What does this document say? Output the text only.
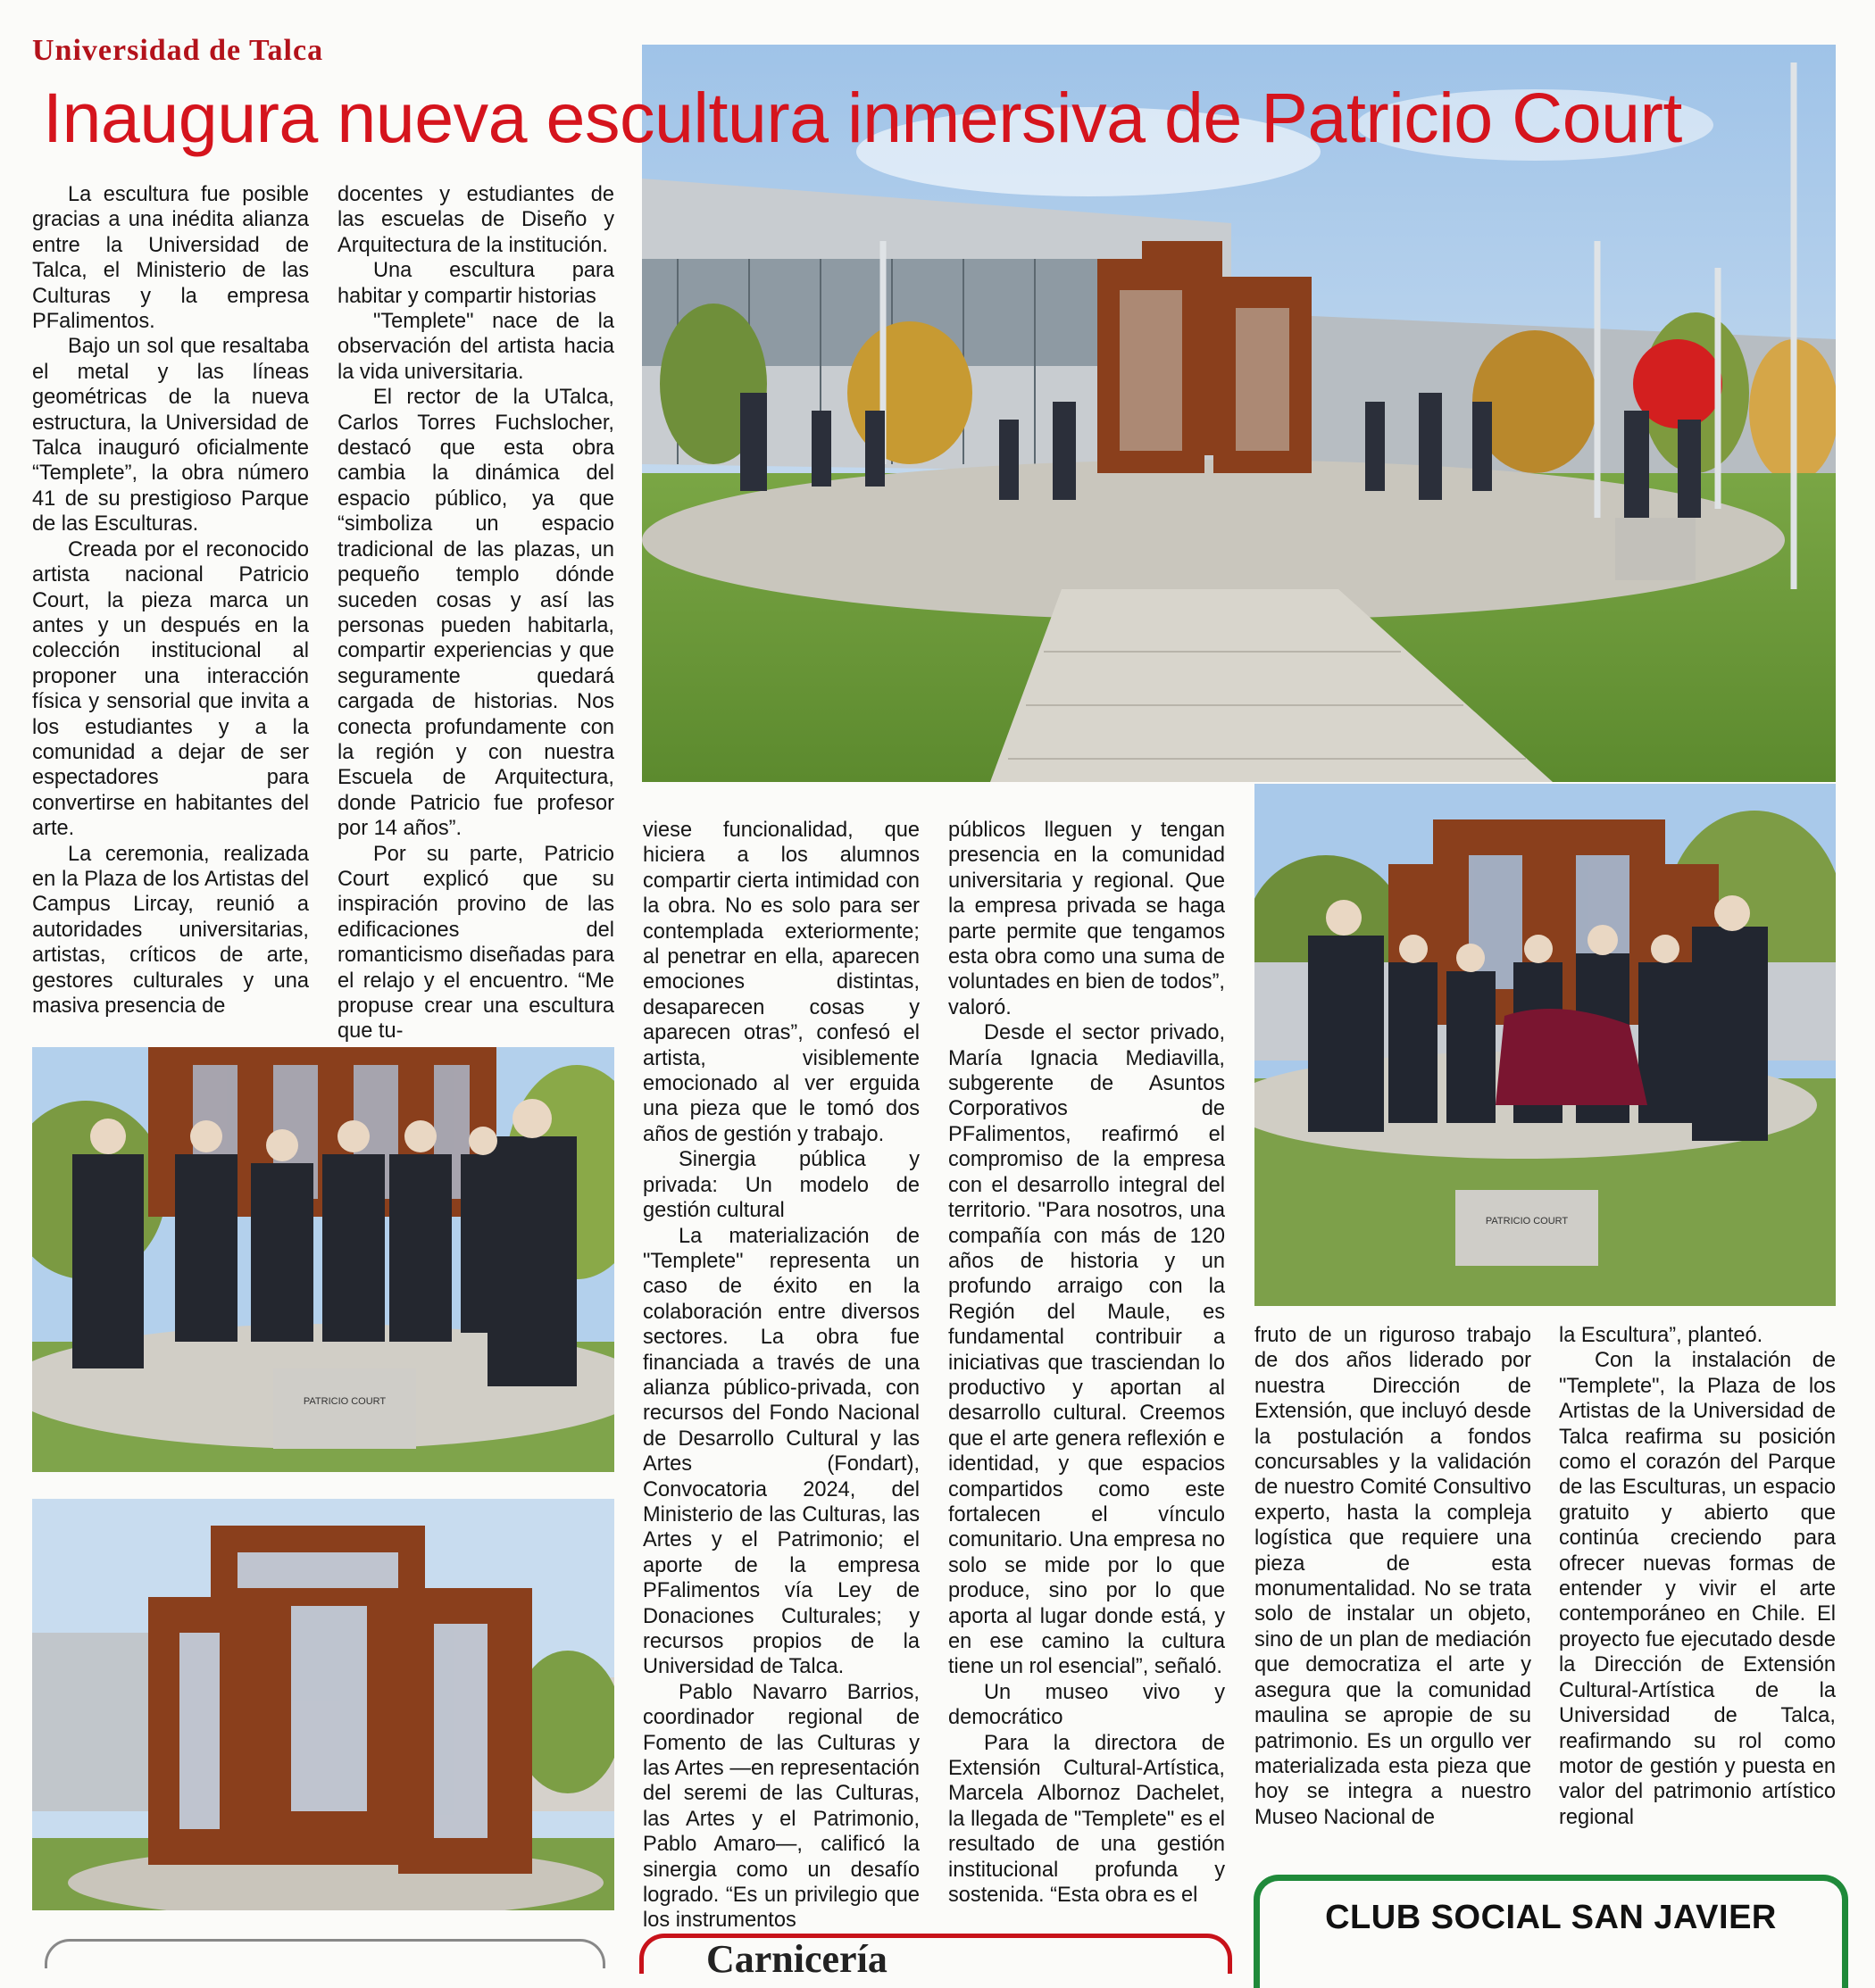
Universidad de Talca
Inaugura nueva escultura inmersiva de Patricio Court
PATRICIO COURT
PATRICIO COURT

La escultura fue posible gracias a una inédita alianza entre la Universidad de Talca, el Ministerio de las Culturas y la empresa PFalimentos.

Bajo un sol que resaltaba el metal y las líneas geométricas de la nueva estructura, la Universidad de Talca inauguró oficialmente “Templete”, la obra número 41 de su prestigioso Parque de las Esculturas.

Creada por el reconocido artista nacional Patricio Court, la pieza marca un antes y un después en la colección institucional al proponer una interacción física y sensorial que invita a los estudiantes y a la comunidad a dejar de ser espectadores para convertirse en habitantes del arte.

La ceremonia, realizada en la Plaza de los Artistas del Campus Lircay, reunió a autoridades universitarias, artistas, críticos de arte, gestores culturales y una masiva presencia de

docentes y estudiantes de las escuelas de Diseño y Arquitectura de la institución.

Una escultura para habitar y compartir historias

"Templete" nace de la observación del artista hacia la vida universitaria.

El rector de la UTalca, Carlos Torres Fuchslocher, destacó que esta obra cambia la dinámica del espacio público, ya que “simboliza un espacio tradicional de las plazas, un pequeño templo dónde suceden cosas y así las personas pueden habitarla, compartir experiencias y que seguramente quedará cargada de historias. Nos conecta profundamente con la región y con nuestra Escuela de Arquitectura, donde Patricio fue profesor por 14 años”.

Por su parte, Patricio Court explicó que su inspiración provino de las edificaciones del romanticismo diseñadas para el relajo y el encuentro. “Me propuse crear una escultura que tu-

viese funcionalidad, que hiciera a los alumnos compartir cierta intimidad con la obra. No es solo para ser contemplada exteriormente; al penetrar en ella, aparecen emociones distintas, desaparecen cosas y aparecen otras”, confesó el artista, visiblemente emocionado al ver erguida una pieza que le tomó dos años de gestión y trabajo.

Sinergia pública y privada: Un modelo de gestión cultural

La materialización de "Templete" representa un caso de éxito en la colaboración entre diversos sectores. La obra fue financiada a través de una alianza público-privada, con recursos del Fondo Nacional de Desarrollo Cultural y las Artes (Fondart), Convocatoria 2024, del Ministerio de las Culturas, las Artes y el Patrimonio; el aporte de la empresa PFalimentos vía Ley de Donaciones Culturales; y recursos propios de la Universidad de Talca.

Pablo Navarro Barrios, coordinador regional de Fomento de las Culturas y las Artes —en representación del seremi de las Culturas, las Artes y el Patrimonio, Pablo Amaro—, calificó la sinergia como un desafío logrado. “Es un privilegio que los instrumentos

públicos lleguen y tengan presencia en la comunidad universitaria y regional. Que la empresa privada se haga parte permite que tengamos esta obra como una suma de voluntades en bien de todos”, valoró.

Desde el sector privado, María Ignacia Mediavilla, subgerente de Asuntos Corporativos de PFalimentos, reafirmó el compromiso de la empresa con el desarrollo integral del territorio. "Para nosotros, una compañía con más de 120 años de historia y un profundo arraigo con la Región del Maule, es fundamental contribuir a iniciativas que trasciendan lo productivo y aportan al desarrollo cultural. Creemos que el arte genera reflexión e identidad, y que espacios compartidos como este fortalecen el vínculo comunitario. Una empresa no solo se mide por lo que produce, sino por lo que aporta al lugar donde está, y en ese camino la cultura tiene un rol esencial”, señaló.

Un museo vivo y democrático

Para la directora de Extensión Cultural-Artística, Marcela Albornoz Dachelet, la llegada de "Templete" es el resultado de una gestión institucional profunda y sostenida. “Esta obra es el

fruto de un riguroso trabajo de dos años liderado por nuestra Dirección de Extensión, que incluyó desde la postulación a fondos concursables y la validación de nuestro Comité Consultivo experto, hasta la compleja logística que requiere una pieza de esta monumentalidad. No se trata solo de instalar un objeto, sino de un plan de mediación que democratiza el arte y asegura que la comunidad maulina se apropie de su patrimonio. Es un orgullo ver materializada esta pieza que hoy se integra a nuestro Museo Nacional de

la Escultura”, planteó.

Con la instalación de "Templete", la Plaza de los Artistas de la Universidad de Talca reafirma su posición como el corazón del Parque de las Esculturas, un espacio gratuito y abierto que continúa creciendo para ofrecer nuevas formas de entender y vivir el arte contemporáneo en Chile. El proyecto fue ejecutado desde la Dirección de Extensión Cultural-Artística de la Universidad de Talca, reafirmando su rol como motor de gestión y puesta en valor del patrimonio artístico regional

Carnicería
CLUB SOCIAL SAN JAVIER
